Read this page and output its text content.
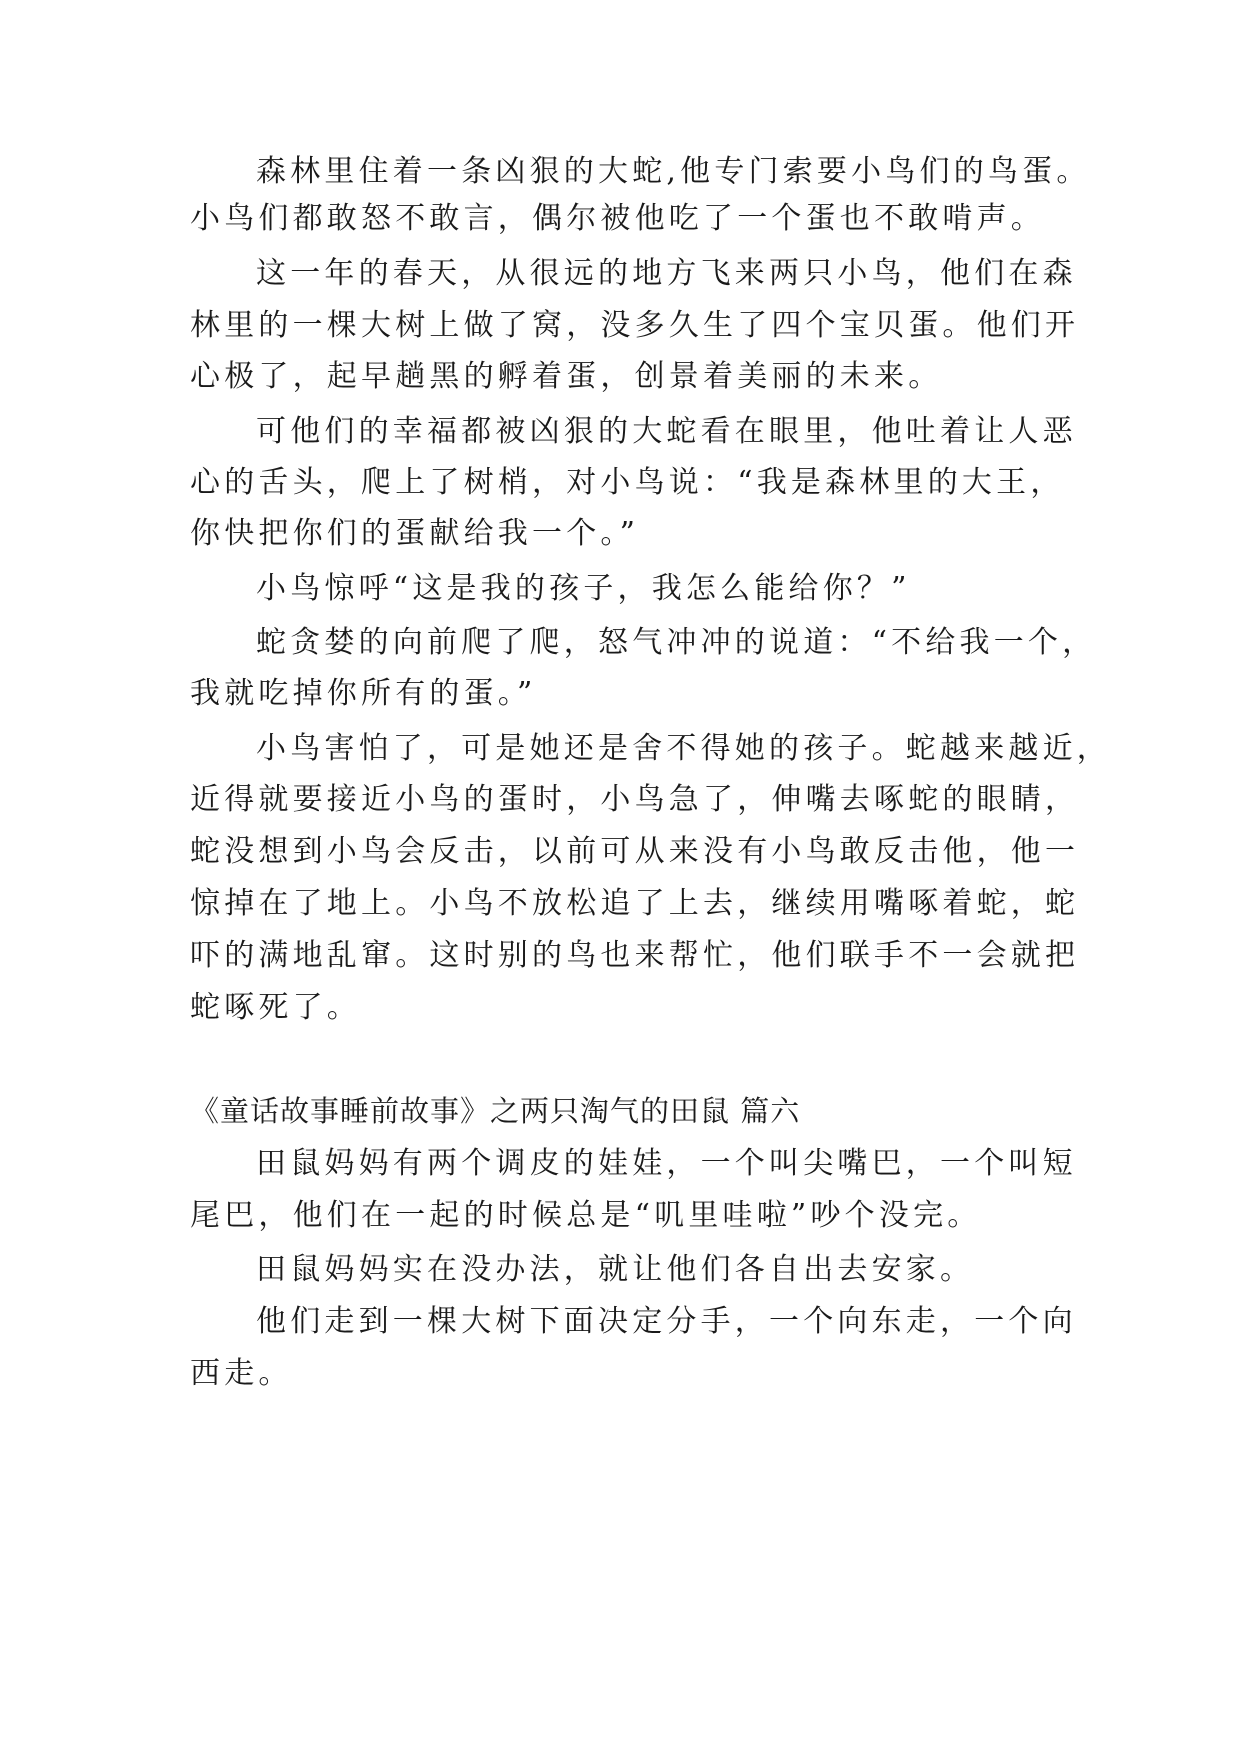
森林里住着一条凶狠的大蛇,他专门索要小鸟们的鸟蛋。
小鸟们都敢怒不敢言，偶尔被他吃了一个蛋也不敢啃声。
这一年的春天，从很远的地方飞来两只小鸟，他们在森
林里的一棵大树上做了窝，没多久生了四个宝贝蛋。他们开
心极了，起早趟黑的孵着蛋，创景着美丽的未来。
可他们的幸福都被凶狠的大蛇看在眼里，他吐着让人恶
心的舌头，爬上了树梢，对小鸟说：“我是森林里的大王，
你快把你们的蛋献给我一个。”
小鸟惊呼“这是我的孩子，我怎么能给你？”
蛇贪婪的向前爬了爬，怒气冲冲的说道：“不给我一个，
我就吃掉你所有的蛋。”
小鸟害怕了，可是她还是舍不得她的孩子。蛇越来越近，
近得就要接近小鸟的蛋时，小鸟急了，伸嘴去啄蛇的眼睛，
蛇没想到小鸟会反击，以前可从来没有小鸟敢反击他，他一
惊掉在了地上。小鸟不放松追了上去，继续用嘴啄着蛇，蛇
吓的满地乱窜。这时别的鸟也来帮忙，他们联手不一会就把
蛇啄死了。
《童话故事睡前故事》之两只淘气的田鼠 篇六
田鼠妈妈有两个调皮的娃娃，一个叫尖嘴巴，一个叫短
尾巴，他们在一起的时候总是“叽里哇啦”吵个没完。
田鼠妈妈实在没办法，就让他们各自出去安家。
他们走到一棵大树下面决定分手，一个向东走，一个向
西走。
